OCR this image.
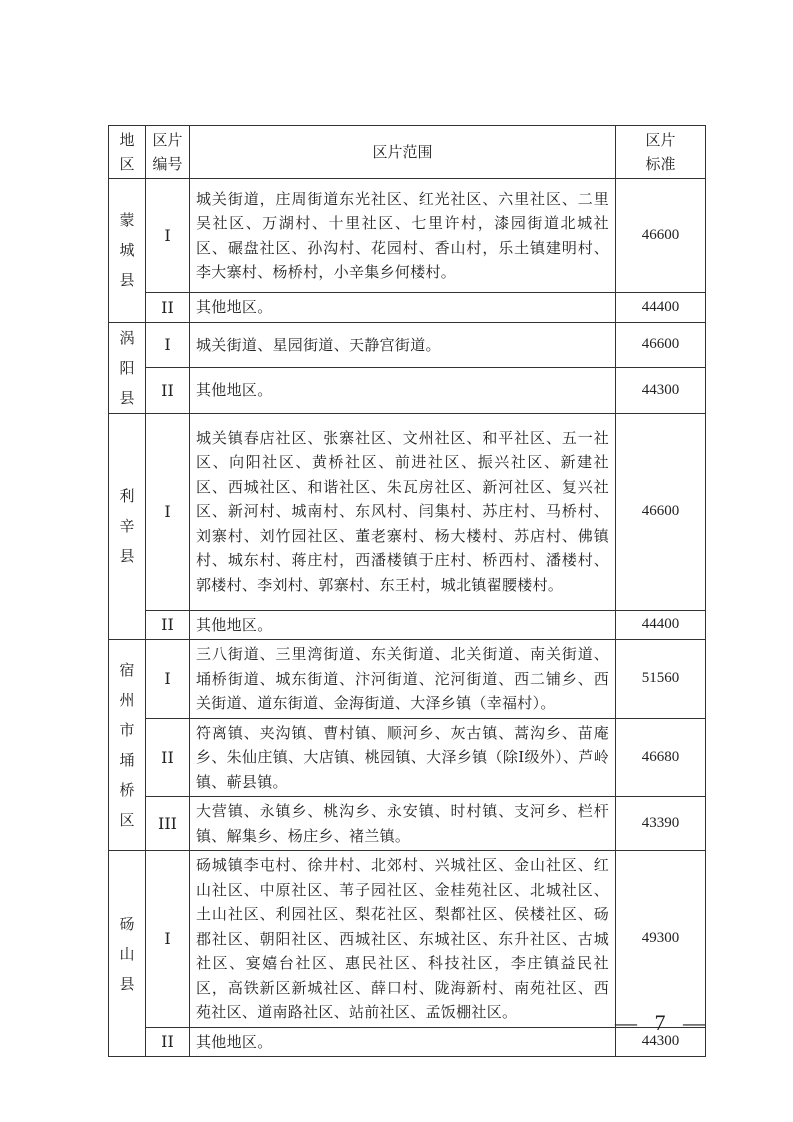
地区	区片编号	区片范围	区片标准
蒙城县	I	城关街道，庄周街道东光社区、红光社区、六里社区、二里吴社区、万湖村、十里社区、七里许村，漆园街道北城社区、碾盘社区、孙沟村、花园村、香山村，乐土镇建明村、李大寨村、杨桥村，小辛集乡何楼村。	46600
	II	其他地区。	44400
涡阳县	I	城关街道、星园街道、天静宫街道。	46600
	II	其他地区。	44300
利辛县	I	城关镇春店社区、张寨社区、文州社区、和平社区、五一社区、向阳社区、黄桥社区、前进社区、振兴社区、新建社区、西城社区、和谐社区、朱瓦房社区、新河社区、复兴社区、新河村、城南村、东风村、闫集村、苏庄村、马桥村、刘寨村、刘竹园社区、董老寨村、杨大楼村、苏店村、佛镇村、城东村、蒋庄村，西潘楼镇于庄村、桥西村、潘楼村、郭楼村、李刘村、郭寨村、东王村，城北镇翟腰楼村。	46600
	II	其他地区。	44400
宿州市埇桥区	I	三八街道、三里湾街道、东关街道、北关街道、南关街道、埇桥街道、城东街道、汴河街道、沱河街道、西二铺乡、西关街道、道东街道、金海街道、大泽乡镇（幸福村）。	51560
	II	符离镇、夹沟镇、曹村镇、顺河乡、灰古镇、蒿沟乡、苗庵乡、朱仙庄镇、大店镇、桃园镇、大泽乡镇（除I级外）、芦岭镇、蕲县镇。	46680
	III	大营镇、永镇乡、桃沟乡、永安镇、时村镇、支河乡、栏杆镇、解集乡、杨庄乡、褚兰镇。	43390
砀山县	I	砀城镇李屯村、徐井村、北郊村、兴城社区、金山社区、红山社区、中原社区、苇子园社区、金桂苑社区、北城社区、土山社区、利园社区、梨花社区、梨都社区、侯楼社区、砀郡社区、朝阳社区、西城社区、东城社区、东升社区、古城社区、宴嬉台社区、惠民社区、科技社区，李庄镇益民社区，高铁新区新城社区、薛口村、陇海新村、南苑社区、西苑社区、道南路社区、站前社区、孟饭棚社区。	49300
	II	其他地区。	44300
— 7 —
